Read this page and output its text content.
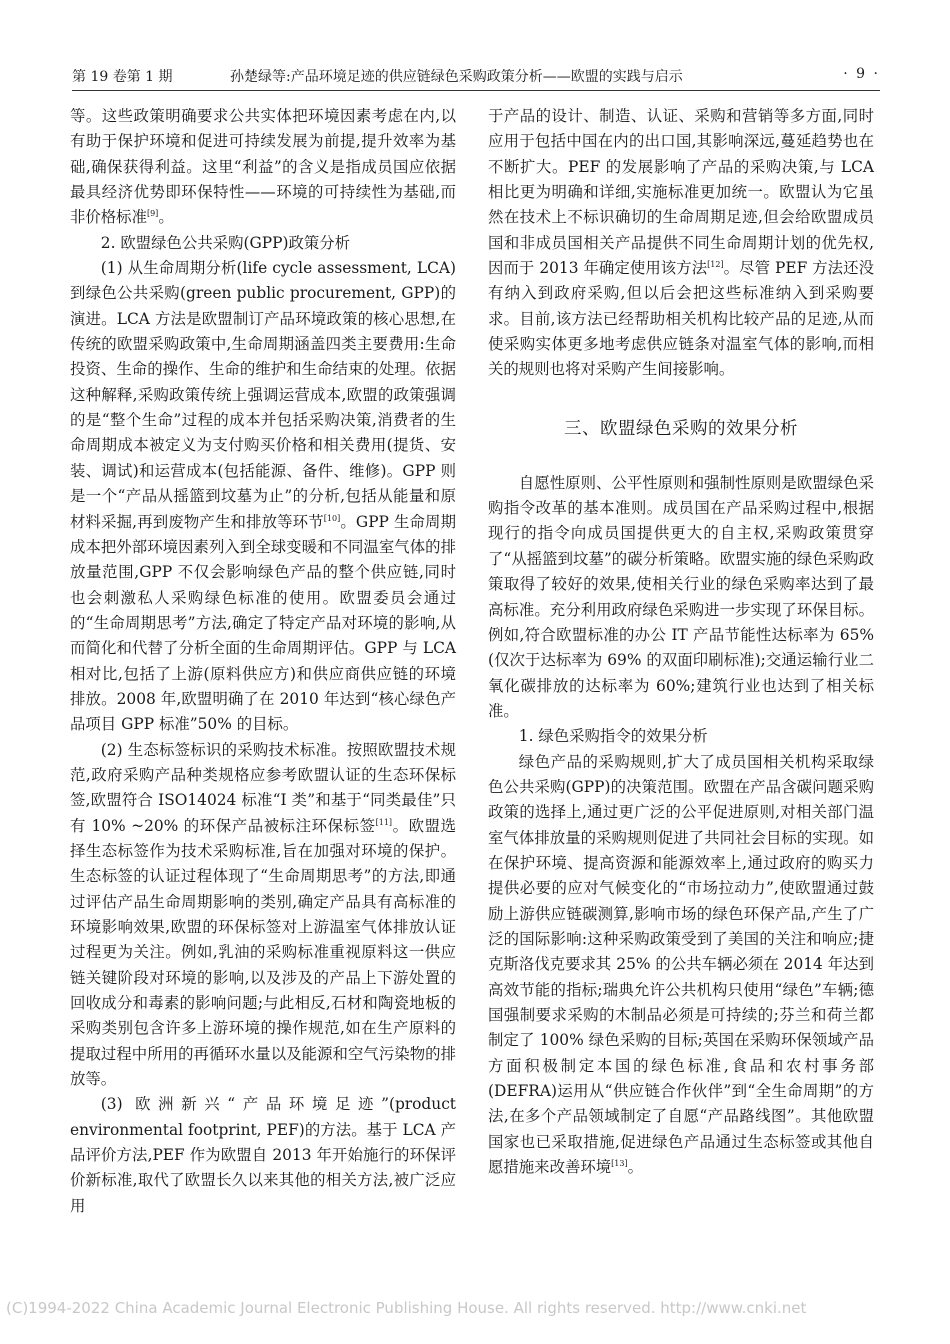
第 19 卷第 1 期	孙楚绿等:产品环境足迹的供应链绿色采购政策分析——欧盟的实践与启示	· 9 ·

等。这些政策明确要求公共实体把环境因素考虑在内,以有助于保护环境和促进可持续发展为前提,提升效率为基础,确保获得利益。这里“利益”的含义是指成员国应依据最具经济优势即环保特性——环境的可持续性为基础,而非价格标准[9]。

2. 欧盟绿色公共采购(GPP)政策分析

(1) 从生命周期分析(life cycle assessment, LCA)到绿色公共采购(green public procurement, GPP)的演进。LCA 方法是欧盟制订产品环境政策的核心思想,在传统的欧盟采购政策中,生命周期涵盖四类主要费用:生命投资、生命的操作、生命的维护和生命结束的处理。依据这种解释,采购政策传统上强调运营成本,欧盟的政策强调的是“整个生命”过程的成本并包括采购决策,消费者的生命周期成本被定义为支付购买价格和相关费用(提货、安装、调试)和运营成本(包括能源、备件、维修)。GPP 则是一个“产品从摇篮到坟墓为止”的分析,包括从能量和原材料采掘,再到废物产生和排放等环节[10]。GPP 生命周期成本把外部环境因素列入到全球变暖和不同温室气体的排放量范围,GPP 不仅会影响绿色产品的整个供应链,同时也会刺激私人采购绿色标准的使用。欧盟委员会通过的“生命周期思考”方法,确定了特定产品对环境的影响,从而简化和代替了分析全面的生命周期评估。GPP 与 LCA 相对比,包括了上游(原料供应方)和供应商供应链的环境排放。2008 年,欧盟明确了在 2010 年达到“核心绿色产品项目 GPP 标准”50% 的目标。

(2) 生态标签标识的采购技术标准。按照欧盟技术规范,政府采购产品种类规格应参考欧盟认证的生态环保标签,欧盟符合 ISO14024 标准“I 类”和基于“同类最佳”只有 10% ~20% 的环保产品被标注环保标签[11]。欧盟选择生态标签作为技术采购标准,旨在加强对环境的保护。生态标签的认证过程体现了“生命周期思考”的方法,即通过评估产品生命周期影响的类别,确定产品具有高标准的环境影响效果,欧盟的环保标签对上游温室气体排放认证过程更为关注。例如,乳油的采购标准重视原料这一供应链关键阶段对环境的影响,以及涉及的产品上下游处置的回收成分和毒素的影响问题;与此相反,石材和陶瓷地板的采购类别包含许多上游环境的操作规范,如在生产原料的提取过程中所用的再循环水量以及能源和空气污染物的排放等。

(3) 欧洲新兴“产品环境足迹”(product environmental footprint, PEF)的方法。基于 LCA 产品评价方法,PEF 作为欧盟自 2013 年开始施行的环保评价新标准,取代了欧盟长久以来其他的相关方法,被广泛应用

于产品的设计、制造、认证、采购和营销等多方面,同时应用于包括中国在内的出口国,其影响深远,蔓延趋势也在不断扩大。PEF 的发展影响了产品的采购决策,与 LCA 相比更为明确和详细,实施标准更加统一。欧盟认为它虽然在技术上不标识确切的生命周期足迹,但会给欧盟成员国和非成员国相关产品提供不同生命周期计划的优先权,因而于 2013 年确定使用该方法[12]。尽管 PEF 方法还没有纳入到政府采购,但以后会把这些标准纳入到采购要求。目前,该方法已经帮助相关机构比较产品的足迹,从而使采购实体更多地考虑供应链条对温室气体的影响,而相关的规则也将对采购产生间接影响。

三、欧盟绿色采购的效果分析

自愿性原则、公平性原则和强制性原则是欧盟绿色采购指令改革的基本准则。成员国在产品采购过程中,根据现行的指令向成员国提供更大的自主权,采购政策贯穿了“从摇篮到坟墓”的碳分析策略。欧盟实施的绿色采购政策取得了较好的效果,使相关行业的绿色采购率达到了最高标准。充分利用政府绿色采购进一步实现了环保目标。例如,符合欧盟标准的办公 IT 产品节能性达标率为 65%(仅次于达标率为 69% 的双面印刷标准);交通运输行业二氧化碳排放的达标率为 60%;建筑行业也达到了相关标准。

1. 绿色采购指令的效果分析

绿色产品的采购规则,扩大了成员国相关机构采取绿色公共采购(GPP)的决策范围。欧盟在产品含碳问题采购政策的选择上,通过更广泛的公平促进原则,对相关部门温室气体排放量的采购规则促进了共同社会目标的实现。如在保护环境、提高资源和能源效率上,通过政府的购买力提供必要的应对气候变化的“市场拉动力”,使欧盟通过鼓励上游供应链碳测算,影响市场的绿色环保产品,产生了广泛的国际影响:这种采购政策受到了美国的关注和响应;捷克斯洛伐克要求其 25% 的公共车辆必须在 2014 年达到高效节能的指标;瑞典允许公共机构只使用“绿色”车辆;德国强制要求采购的木制品必须是可持续的;芬兰和荷兰都制定了 100% 绿色采购的目标;英国在采购环保领域产品方面积极制定本国的绿色标准,食品和农村事务部(DEFRA)运用从“供应链合作伙伴”到“全生命周期”的方法,在多个产品领域制定了自愿“产品路线图”。其他欧盟国家也已采取措施,促进绿色产品通过生态标签或其他自愿措施来改善环境[13]。

(C)1994-2022 China Academic Journal Electronic Publishing House. All rights reserved. http://www.cnki.net
